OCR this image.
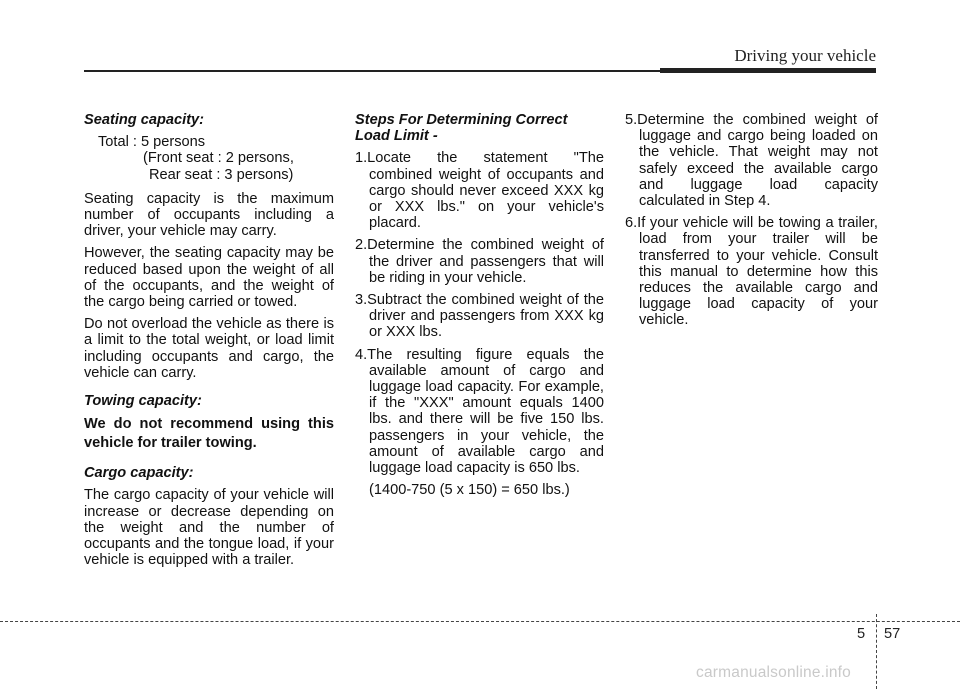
Driving your vehicle
Seating capacity:

Total : 5 persons

(Front seat : 2 persons,

Rear seat : 3 persons)

Seating capacity is the maximum number of occupants including a driver, your vehicle may carry.

However, the seating capacity may be reduced based upon the weight of all of the occupants, and the weight of the cargo being carried or towed.

Do not overload the vehicle as there is a limit to the total weight, or load limit including occupants and cargo, the vehicle can carry.

Towing capacity:

We do not recommend using this vehicle for trailer towing.

Cargo capacity:

The cargo capacity of your vehicle will increase or decrease depending on the weight and the number of occupants and the tongue load, if your vehicle is equipped with a trailer.

Steps For Determining Correct Load Limit -
1.Locate the statement "The combined weight of occupants and cargo should never exceed XXX kg or XXX lbs." on your vehicle's placard.
2.Determine the combined weight of the driver and passengers that will be riding in your vehicle.
3.Subtract the combined weight of the driver and passengers from XXX kg or XXX lbs.
4.The resulting figure equals the available amount of cargo and luggage load capacity. For example, if the "XXX" amount equals 1400 lbs. and there will be five 150 lbs. passengers in your vehicle, the amount of available cargo and luggage load capacity is 650 lbs.

(1400-750 (5 x 150) = 650 lbs.)

5.Determine the combined weight of luggage and cargo being loaded on the vehicle. That weight may not safely exceed the available cargo and luggage load capacity calculated in Step 4.
6.If your vehicle will be towing a trailer, load from your trailer will be transferred to your vehicle. Consult this manual to determine how this reduces the available cargo and luggage load capacity of your vehicle.
5 57
carmanualsonline.info
